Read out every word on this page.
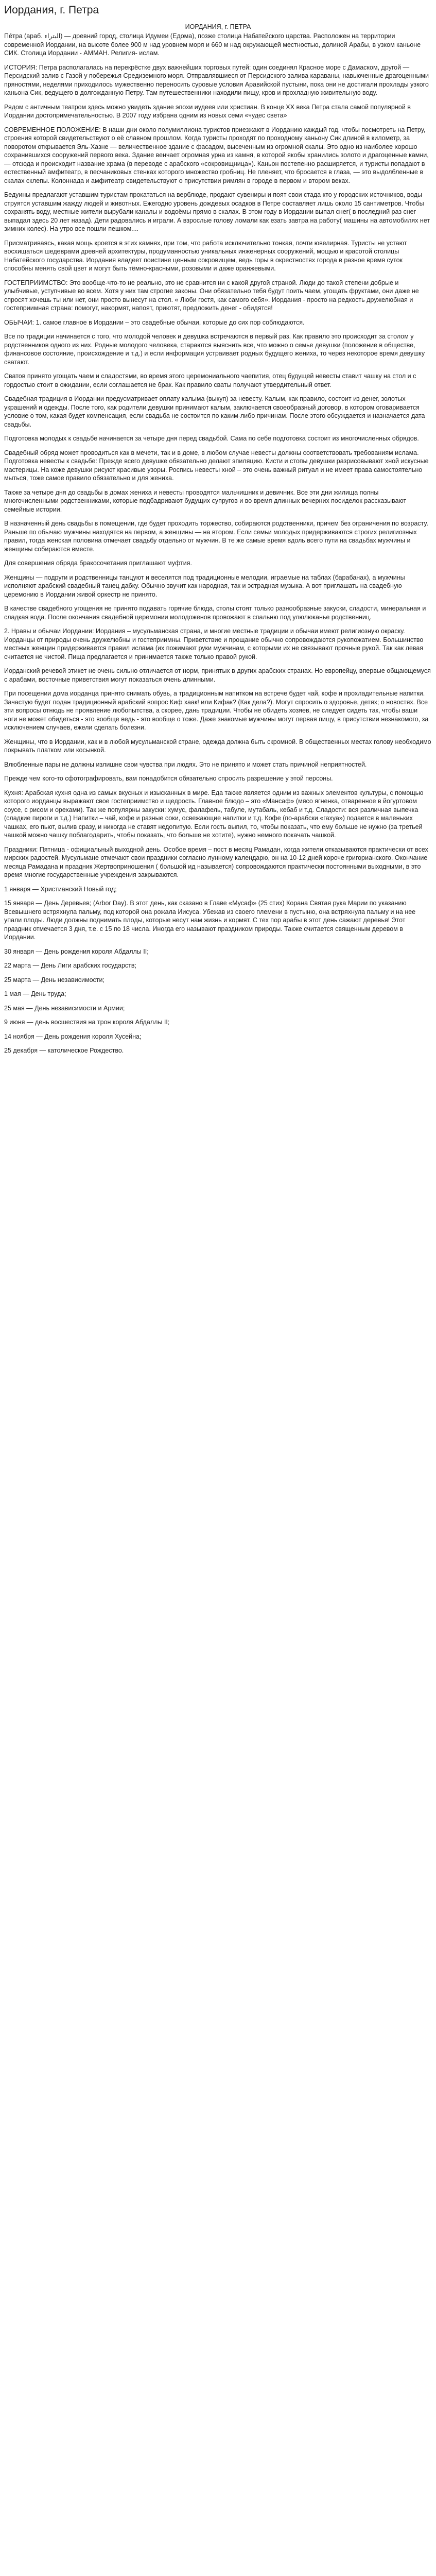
Иордания, г. Петра
ИОРДАНИЯ, г. ПЕТРА

Пе́тра (араб. ‏البتراء‏‎) — древний город, столица Идумеи (Едома), позже столица Набатейского царства. Расположен на территории современной Иордании, на высоте более 900 м над уровнем моря и 660 м над окружающей местностью, долиной Арабы, в узком каньоне СИК. Столица Иордании - АММАН. Религия- ислам.

ИСТОРИЯ: Петра располагалась на перекрёстке двух важнейших торговых путей: один соединял Красное море с Дамаском, другой — Персидский залив с Газой у побережья Средиземного моря. Отправлявшиеся от Персидского залива караваны, навьюченные драгоценными пряностями, неделями приходилось мужественно переносить суровые условия Аравийской пустыни, пока они не достигали прохлады узкого каньона Сик, ведущего в долгожданную Петру. Там путешественники находили пищу, кров и прохладную живительную воду.

Рядом с античным театром здесь можно увидеть здание эпохи иудеев или христиан. В конце XX века Петра стала самой популярной в Иордании достопримечательностью. В 2007 году избрана одним из новых семи «чудес света»

СОВРЕМЕННОЕ ПОЛОЖЕНИЕ: В наши дни около полумиллиона туристов приезжают в Иорданию каждый год, чтобы посмотреть на Петру, строения которой свидетельствуют о её славном прошлом. Когда туристы проходят по проходному каньону Сик длиной в километр, за поворотом открывается Эль-Хазне — величественное здание с фасадом, высеченным из огромной скалы. Это одно из наиболее хорошо сохранившихся сооружений первого века. Здание венчает огромная урна из камня, в которой якобы хранились золото и драгоценные камни, — отсюда и происходит название храма (в переводе с арабского «сокровищница»). Каньон постепенно расширяется, и туристы попадают в естественный амфитеатр, в песчаниковых стенках которого множество гробниц. Не пленяет, что бросается в глаза, — это выдолбленные в скалах склепы. Колоннада и амфитеатр свидетельствуют о присутствии римлян в городе в первом и втором веках.

Бедуины предлагают уставшим туристам прокататься на верблюде, продают сувениры и поят свои стада кто у городских источников, воды струятся уставшим жажду людей и животных. Ежегодно уровень дождевых осадков в Петре составляет лишь около 15 сантиметров. Чтобы сохранять воду, местные жители вырубали каналы и водоёмы прямо в скалах. В этом году в Иордании выпал снег( в последний раз снег выпадал здесь 20 лет назад). Дети радовались и играли. А взрослые голову ломали как езать завтра на работу( машины на автомобилях нет зимних колес). На утро все пошли пешком....

Присматриваясь, какая мощь кроется в этих камнях, при том, что работа исключительно тонкая, почти ювелирная. Туристы не устают восхищаться шедеврами древней архитектуры, продуманностью уникальных инженерных сооружений, мощью и красотой столицы Набатейского государства. Иордания владеет поистине ценным сокровищем, ведь горы в окрестностях города в разное время суток способны менять свой цвет и могут быть тёмно-красными, розовыми и даже оранжевыми.

ГОСТЕПРИИМСТВО: Это вообще-что-то не реально, это не сравнится ни с какой другой страной. Люди до такой степени добрые и улыбчивые, уступчивые во всем. Хотя у них там строгие законы. Они обязательно тебя будут поить чаем, угощать фруктами, они даже не спросят хочешь ты или нет, они просто вынесут на стол. « Люби гостя, как самого себя». Иордания - просто на редкость дружелюбная и гостеприимная страна: помогут, накормят, напоят, приютят, предложить денег - обидятся!

ОБЫЧАИ: 1. самое главное в Иордании – это свадебные обычаи, которые до сих пор соблюдаются.

Все по традиции начинается с того, что молодой человек и девушка встречаются в первый раз. Как правило это происходит за столом у родственников одного из них. Родные молодого человека, стараются выяснить все, что можно о семье девушки (положение в обществе, финансовое состояние, происхождение и т.д.) и если информация устраивает родных будущего жениха, то через некоторое время девушку сватают.

Сватов принято угощать чаем и сладостями, во время этого церемониального чаепития, отец будущей невесты ставит чашку на стол и с гордостью стоит в ожидании, если соглашается не брак. Как правило сваты получают утвердительный ответ.

Свадебная традиция в Иордании предусматривает оплату калыма (выкуп) за невесту. Калым, как правило, состоит из денег, золотых украшений и одежды. После того, как родители девушки принимают калым, заключается своеобразный договор, в котором оговаривается условие о том, какая будет компенсация, если свадьба не состоится по каким-либо причинам. После этого обсуждается и назначается дата свадьбы.

Подготовка молодых к свадьбе начинается за четыре дня перед свадьбой. Сама по себе подготовка состоит из многочисленных обрядов.

Свадебный обряд может проводиться как в мечети, так и в доме, в любом случае невесты должны соответствовать требованиям ислама. Подготовка невесты к свадьбе: Прежде всего девушке обязательно делают эпиляцию. Кисти и стопы девушки разрисовывают хной искусные мастерицы. На коже девушки рисуют красивые узоры. Роспись невесты хной – это очень важный ритуал и не имеет права самостоятельно мыться, тоже самое правило обязательно и для жениха.

Также за четыре дня до свадьбы в домах жениха и невесты проводятся мальчишник и девичник. Все эти дни жилища полны многочисленными родственниками, которые подбадривают будущих супругов и во время длинных вечерних посиделок рассказывают семейные истории.

В назначенный день свадьбы в помещении, где будет проходить торжество, собираются родственники, причем без ограничения по возрасту. Раньше по обычаю мужчины находятся на первом, а женщины — на втором. Если семьи молодых придерживаются строгих религиозных правил, тогда женская половина отмечает свадьбу отдельно от мужчин. В те же самые время вдоль всего пути на свадьбах мужчины и женщины собираются вместе.

Для совершения обряда бракосочетания приглашают муфтия.

Женщины — подруги и родственницы танцуют и веселятся под традиционные мелодии, играемые на таблах (барабанах), а мужчины исполняют арабский свадебный танец дабку. Обычно звучит как народная, так и эстрадная музыка. А вот приглашать на свадебную церемонию в Иордании живой оркестр не принято.

В качестве свадебного угощения не принято подавать горячие блюда, столы стоят только разнообразные закуски, сладости, минеральная и сладкая вода. После окончания свадебной церемонии молодоженов провожают в спальню под улюлюканье родственниц.

2. Нравы и обычаи Иордании: Иордания – мусульманская страна, и многие местные традиции и обычаи имеют религиозную окраску. Иорданцы от природы очень дружелюбны и гостеприимны. Приветствие и прощание обычно сопровождаются рукопожатием. Большинство местных женщин придерживается правил ислама (их пожимают руки мужчинам, с которыми их не связывают прочные рукой. Так как левая считается не чистой. Пища предлагается и принимается также только правой рукой.

Иорданский речевой этикет не очень сильно отличается от норм, принятых в других арабских странах. Но европейцу, впервые общающемуся с арабами, восточные приветствия могут показаться очень длинными.

При посещении дома иорданца принято снимать обувь, а традиционным напитком на встрече будет чай, кофе и прохладительные напитки. Зачастую будет подан традиционный арабский вопрос Киф хаак! или Кифак? (Как дела?). Могут спросить о здоровье, детях; о новостях. Все эти вопросы отнюдь не проявление любопытства, а скорее, дань традиции. Чтобы не обидеть хозяев, не следует сидеть так, чтобы ваши ноги не может обидеться - это вообще ведь - это вообще о тоже. Даже знакомые мужчины могут первая пищу, в присутствии незнакомого, за исключением случаев, ежели сделать болезни.

Женщины, что в Иордании, как и в любой мусульманской стране, одежда должна быть скромной. В общественных местах голову необходимо покрывать платком или косынкой.

Влюбленные пары не должны излишне свои чувства при людях. Это не принято и может стать причиной неприятностей.

Прежде чем кого-то сфотографировать, вам понадобится обязательно спросить разрешение у этой персоны.

Кухня: Арабская кухня одна из самых вкусных и изысканных в мире. Еда также является одним из важных элементов культуры, с помощью которого иорданцы выражают свое гостеприимство и щедрость. Главное блюдо – это «Мансаф» (мясо ягненка, отваренное в йогуртовом соусе, с рисом и орехами). Так же популярны закуски: хумус, фалафель, табуле, мутабаль, кебаб и т.д. Сладости: вся различная выпечка (сладкие пироги и т.д.) Напитки – чай, кофе и разные соки, освежающие напитки и т.д. Кофе (по-арабски «гахуа») подается в маленьких чашках, его пьют, вылив сразу, и никогда не ставят недопитую. Если гость выпил, то, чтобы показать, что ему больше не нужно (за третьей чашкой можно чашку поблагодарить, чтобы показать, что больше не хотите), нужно немного покачать чашкой.

Праздники: Пятница - официальный выходной день. Особое время – пост в месяц Рамадан, когда жители отказываются практически от всех мирских радостей. Мусульмане отмечают свои праздники согласно лунному календарю, он на 10-12 дней короче григорианского. Окончание месяца Рамадана и праздник Жертвоприношения ( большой ид называется) сопровождаются практически постоянными выходными, в это время многие государственные учреждения закрываются.

1 января — Христианский Новый год;

15 января — День Деревьев; (Arbor Day). В этот день, как сказано в Главе «Мусаф» (25 стих) Корана Святая рука Марии по указанию Всевышнего встряхнула пальму, под которой она рожала Иисуса. Убежав из своего племени в пустыню, она встряхнула пальму и на нее упали плоды. Люди должны поднимать плоды, которые несут нам жизнь и кормят. С тех пор арабы в этот день сажают деревья! Этот праздник отмечается 3 дня, т.е. с 15 по 18 числа. Иногда его называют праздником природы. Также считается священным деревом в Иордании.

30 января — День рождения короля Абдаллы II;

22 марта — День Лиги арабских государств;

25 марта — День независимости;

1 мая — День труда;

25 мая — День независимости и Армии;

9 июня — день восшествия на трон короля Абдаллы II;

14 ноября — День рождения короля Хусейна;

25 декабря — католическое Рождество.
